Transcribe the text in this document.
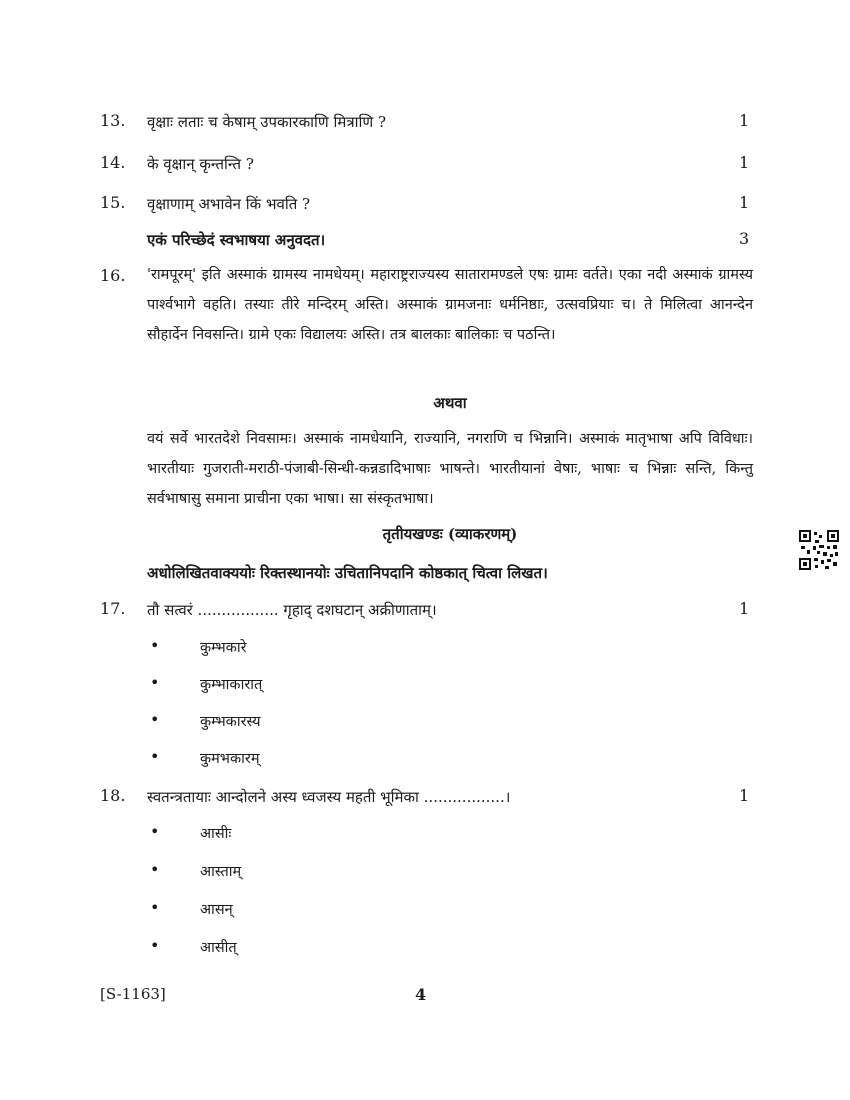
13. वृक्षाः लताः च केषाम् उपकारकाणि मित्राणि ?	1
14. के वृक्षान् कृन्तन्ति ?	1
15. वृक्षाणाम् अभावेन किं भवति ?	1
एकं परिच्छेदं स्वभाषया अनुवदत।	3
16. 'रामपूरम्' इति अस्माकं ग्रामस्य नामधेयम्। महाराष्ट्रराज्यस्य सातारामण्डले एषः ग्रामः वर्तते। एका नदी अस्माकं ग्रामस्य पार्श्वभागे वहति। तस्याः तीरे मन्दिरम् अस्ति। अस्माकं ग्रामजनाः धर्मनिष्ठाः, उत्सवप्रियाः च। ते मिलित्वा आनन्देन सौहार्देन निवसन्ति। ग्रामे एकः विद्यालयः अस्ति। तत्र बालकाः बालिकाः च पठन्ति।
अथवा
वयं सर्वे भारतदेशे निवसामः। अस्माकं नामधेयानि, राज्यानि, नगराणि च भिन्नानि। अस्माकं मातृभाषा अपि विविधाः। भारतीयाः गुजराती-मराठी-पंजाबी-सिन्धी-कन्नडादिभाषाः भाषन्ते। भारतीयानां वेषाः, भाषाः च भिन्नाः सन्ति, किन्तु सर्वभाषासु समाना प्राचीना एका भाषा। सा संस्कृतभाषा।
तृतीयखण्डः (व्याकरणम्)
अधोलिखितवाक्ययोः रिक्तस्थानयोः उचितानिपदानि कोष्ठकात् चित्वा लिखत।
17. तौ सत्वरं ................. गृहाद् दशघटान् अक्रीणाताम्।	1
•	कुम्भकारे
•	कुम्भाकारात्
•	कुम्भकारस्य
•	कुमभकारम्
18. स्वतन्त्रतायाः आन्दोलने अस्य ध्वजस्य महती भूमिका .................।	1
•	आसीः
•	आस्ताम्
•	आसन्
•	आसीत्
[S-1163]	4
